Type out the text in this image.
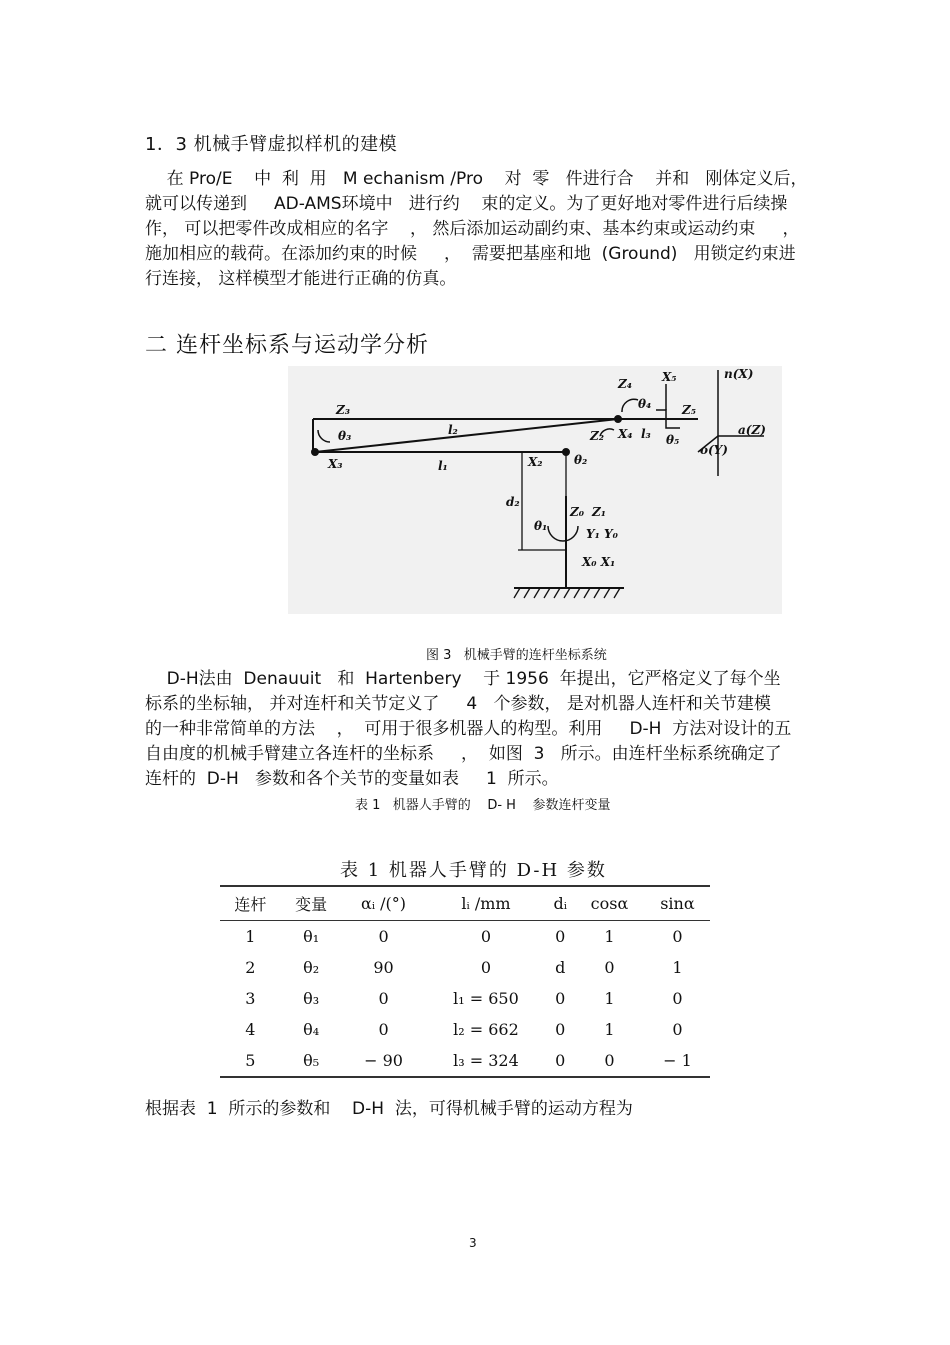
1．3 机械手臂虚拟样机的建模

在 Pro/E    中  利  用   M echanism /Pro    对  零   件进行合    并和   刚体定义后，

就可以传递到     AD-AMS环境中   进行约    束的定义。为了更好地对零件进行后续操

作， 可以把零件改成相应的名字    ， 然后添加运动副约束、基本约束或运动约束     ，

施加相应的载荷。在添加约束的时候     ，  需要把基座和地  (Ground)   用锁定约束进

行连接， 这样模型才能进行正确的仿真。

二 连杆坐标系与运动学分析
Z₃
θ₃
X₃
l₂
l₁	X₂	θ₂
Z₂ X₄ l₃ θ₅
Z₅
X₅
Z₄
θ₄
d₂
θ₁
Z₀ Z₁
Y₁ Y₀
X₀ X₁
n(X)
a(Z)
o(Y)
图 3   机械手臂的连杆坐标系统

D-H法由  Denauuit   和  Hartenbery    于 1956  年提出，它严格定义了每个坐

标系的坐标轴， 并对连杆和关节定义了     4   个参数， 是对机器人连杆和关节建模

的一种非常简单的方法    ，  可用于很多机器人的构型。利用     D-H  方法对设计的五

自由度的机械手臂建立各连杆的坐标系     ，  如图  3   所示。由连杆坐标系统确定了

连杆的  D-H   参数和各个关节的变量如表     1  所示。

表 1   机器人手臂的    D- H    参数连杆变量
表 1 机器人手臂的 D-H 参数
连杆	变量	αᵢ /(°)	lᵢ /mm	dᵢ	cosα	sinα
1	θ₁	0	0	0	1	0
2	θ₂	90	0	d	0	1
3	θ₃	0	l₁ = 650	0	1	0
4	θ₄	0	l₂ = 662	0	1	0
5	θ₅	− 90	l₃ = 324	0	0	− 1
根据表  1  所示的参数和    D-H  法，可得机械手臂的运动方程为
3
